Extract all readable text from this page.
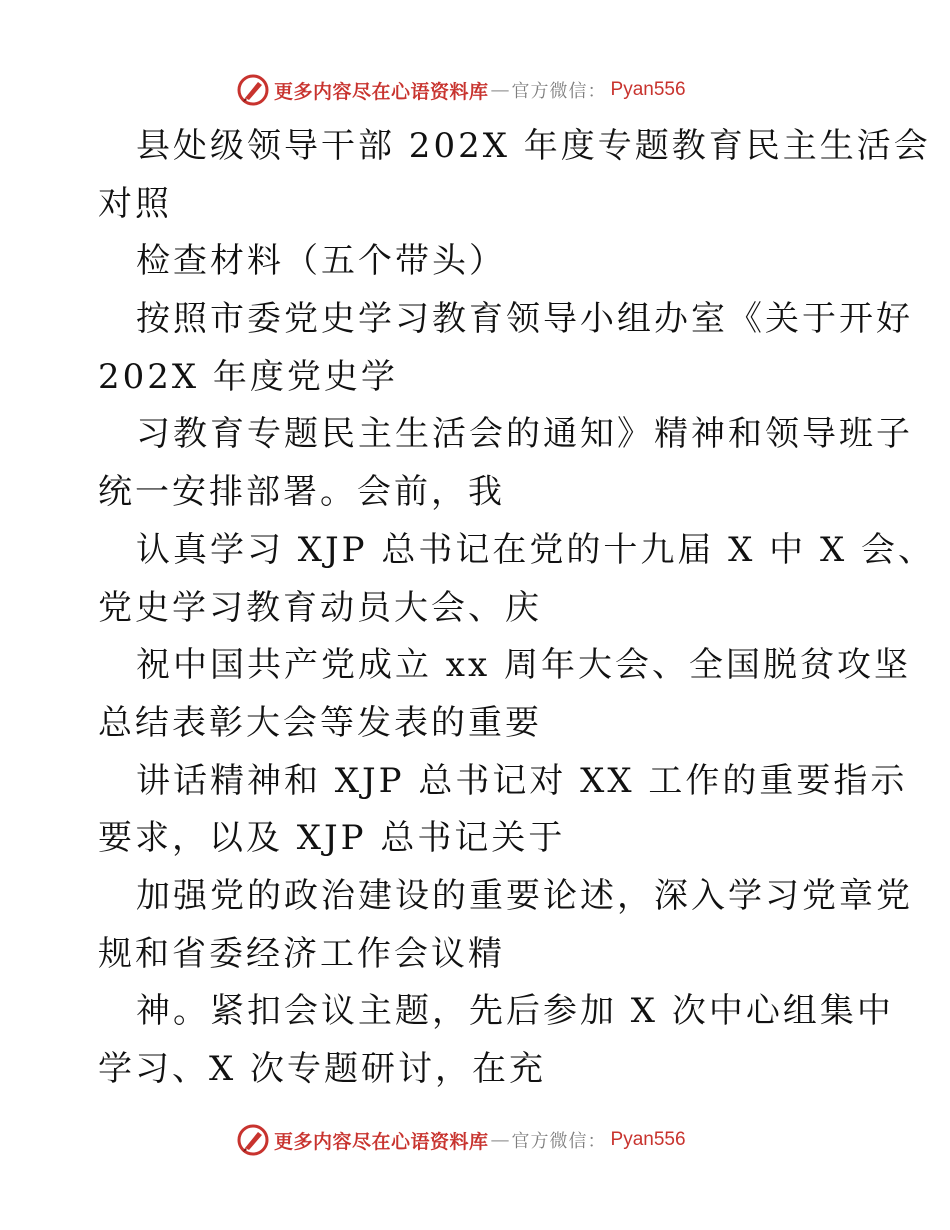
更多内容尽在心语资料库 — 官方微信： Pyan556
县处级领导干部 202X 年度专题教育民主生活会
对照
检查材料（五个带头）
按照市委党史学习教育领导小组办室《关于开好
202X 年度党史学
习教育专题民主生活会的通知》精神和领导班子
统一安排部署。会前，我
认真学习 XJP 总书记在党的十九届 X 中 X 会、
党史学习教育动员大会、庆
祝中国共产党成立 xx 周年大会、全国脱贫攻坚
总结表彰大会等发表的重要
讲话精神和 XJP 总书记对 XX 工作的重要指示
要求，以及 XJP 总书记关于
加强党的政治建设的重要论述，深入学习党章党
规和省委经济工作会议精
神。紧扣会议主题，先后参加 X 次中心组集中
学习、X 次专题研讨，在充
更多内容尽在心语资料库 — 官方微信： Pyan556
